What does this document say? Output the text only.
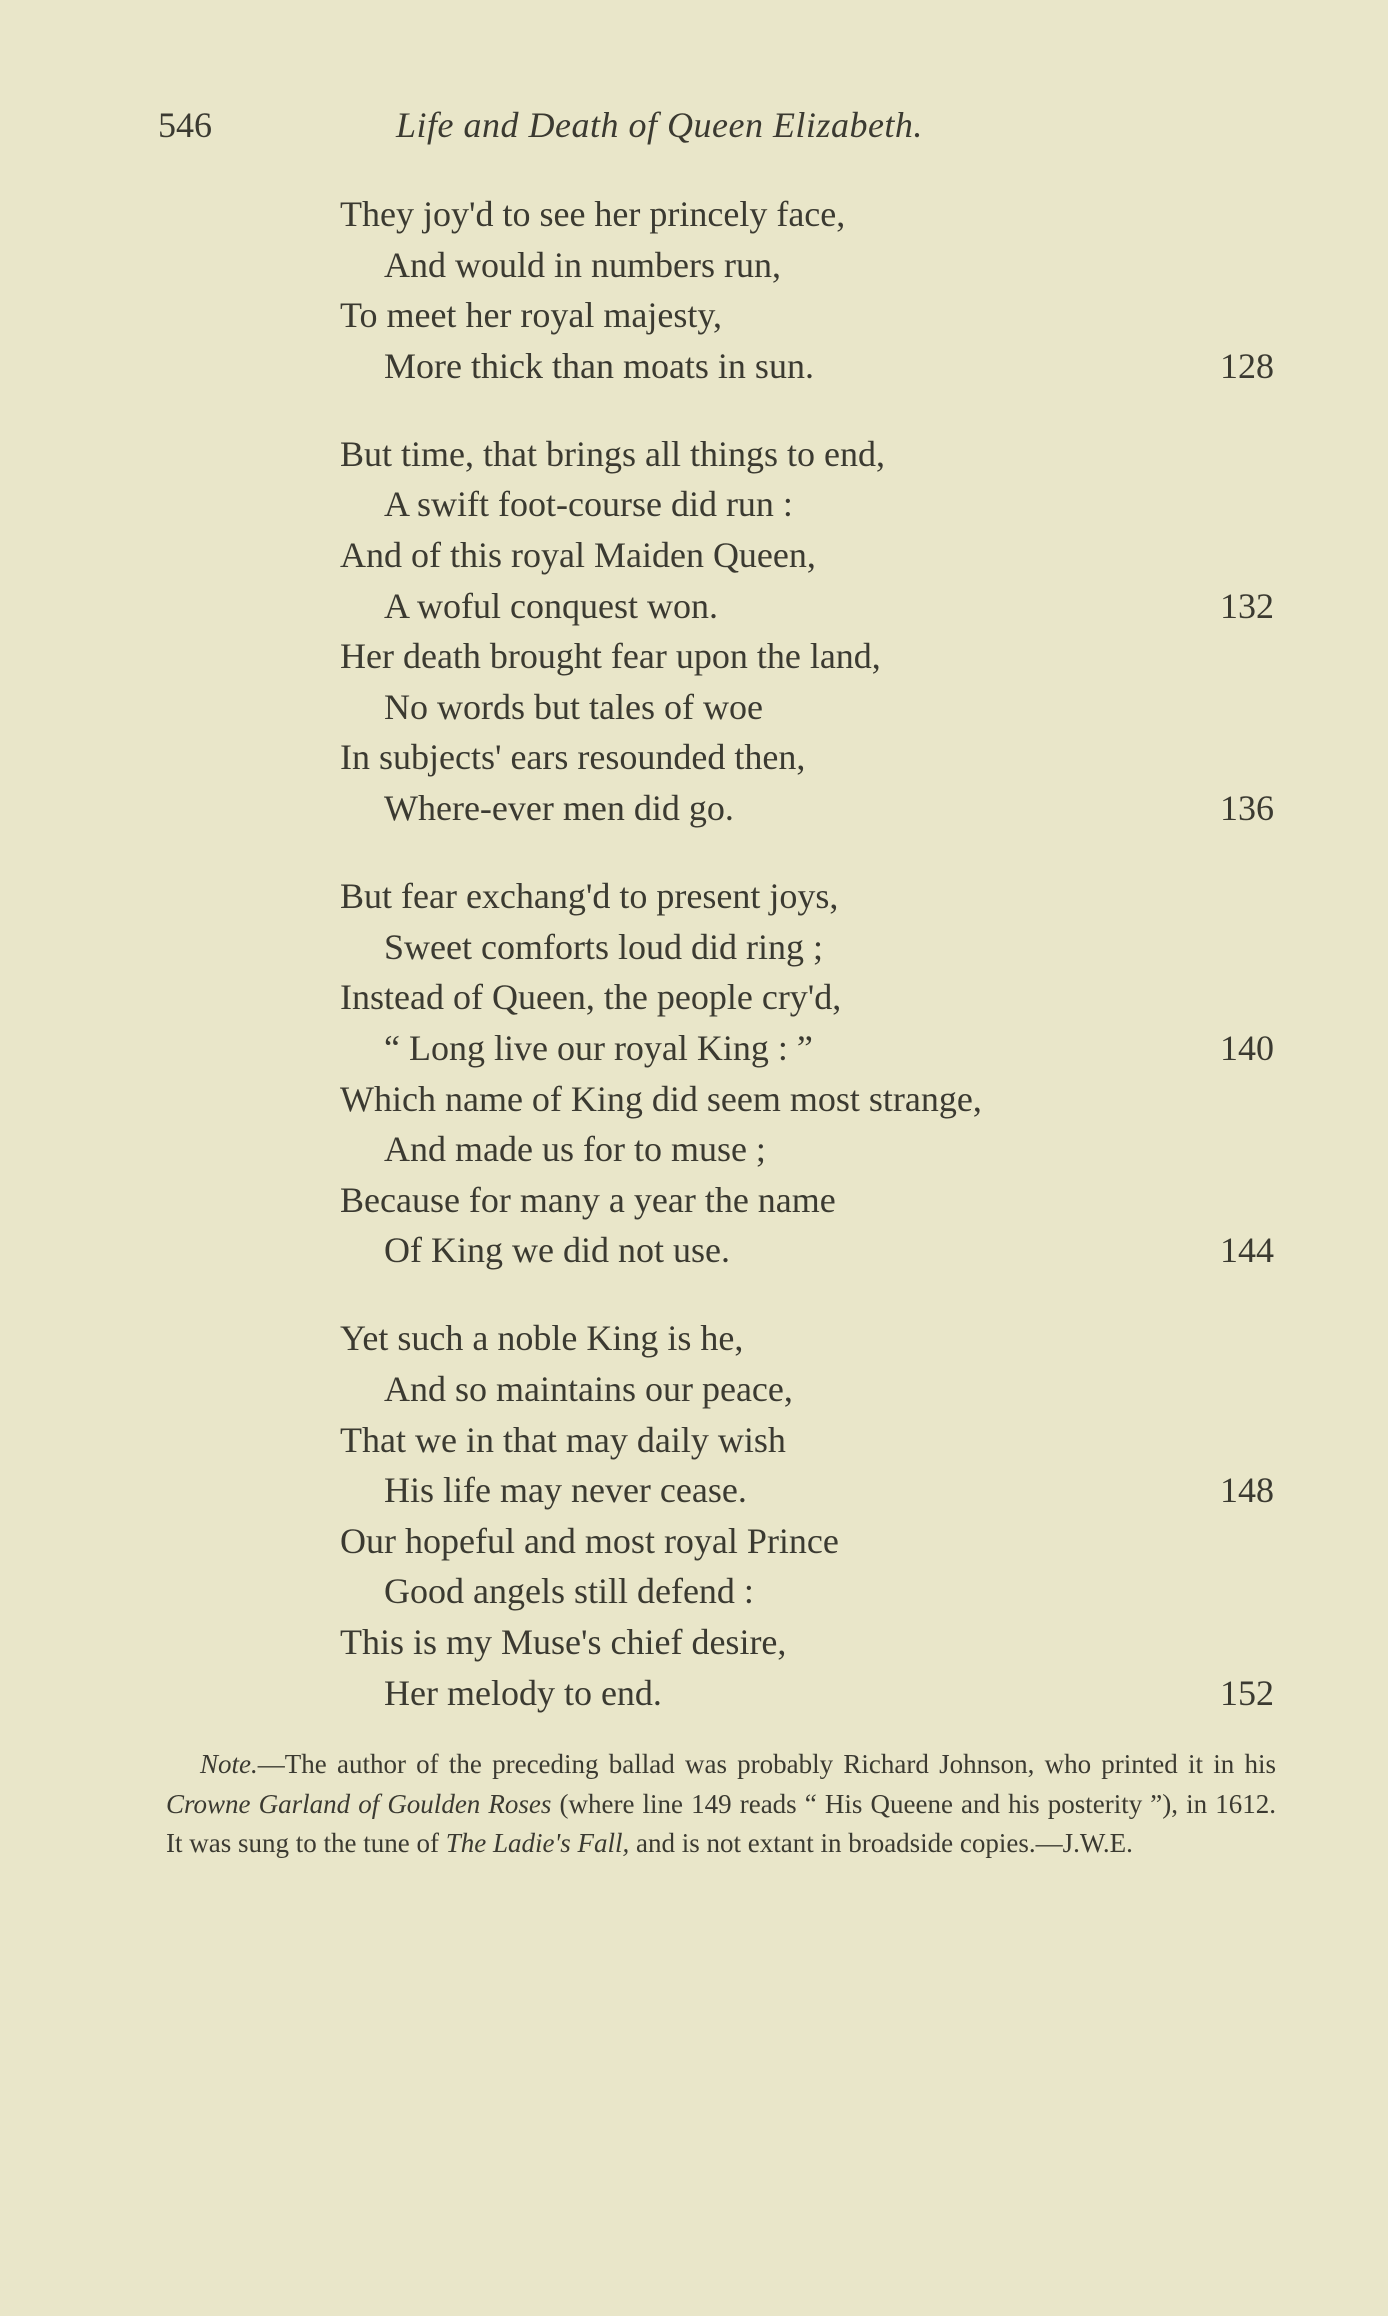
546	Life and Death of Queen Elizabeth.
They joy'd to see her princely face,
And would in numbers run,
To meet her royal majesty,
More thick than moats in sun.	128
But time, that brings all things to end,
A swift foot-course did run :
And of this royal Maiden Queen,
A woful conquest won.	132
Her death brought fear upon the land,
No words but tales of woe
In subjects' ears resounded then,
Where-ever men did go.	136
But fear exchang'd to present joys,
Sweet comforts loud did ring ;
Instead of Queen, the people cry'd,
“ Long live our royal King : ”	140
Which name of King did seem most strange,
And made us for to muse ;
Because for many a year the name
Of King we did not use.	144
Yet such a noble King is he,
And so maintains our peace,
That we in that may daily wish
His life may never cease.	148
Our hopeful and most royal Prince
Good angels still defend :
This is my Muse's chief desire,
Her melody to end.	152
Note.—The author of the preceding ballad was probably Richard Johnson, who printed it in his Crowne Garland of Goulden Roses (where line 149 reads “ His Queene and his posterity ”), in 1612. It was sung to the tune of The Ladie's Fall, and is not extant in broadside copies.—J.W.E.
